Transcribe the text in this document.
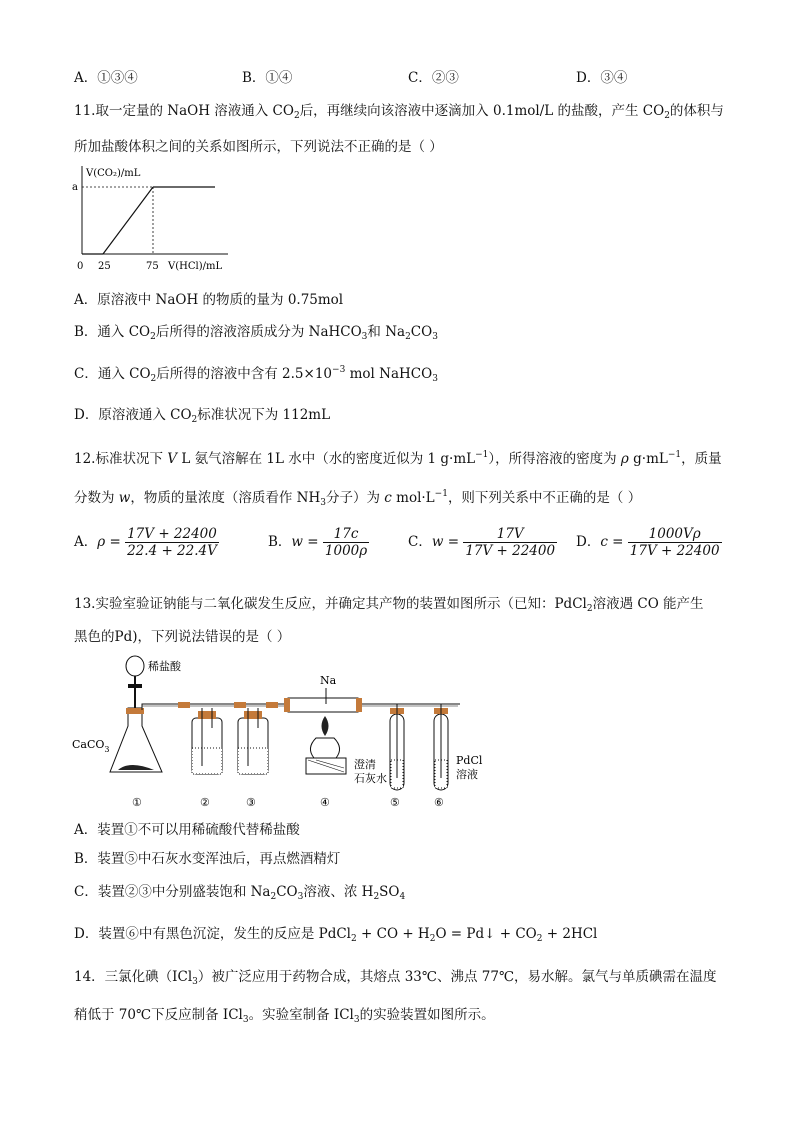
A．①③④	B．①④	C．②③	D．③④
11.取一定量的 NaOH 溶液通入 $CO_2$后，再继续向该溶液中逐滴加入 0.1mol/L 的盐酸，产生 $CO_2$的体积与
所加盐酸体积之间的关系如图所示，下列说法不正确的是（ ）
V(CO₂)/mL
V(HCl)/mL
a
0 25	75
A．原溶液中 NaOH 的物质的量为 0.75mol
B．通入 $CO_2$后所得的溶液溶质成分为 NaHCO$_3$和 $Na_2CO_3$
C．通入 $CO_2$后所得的溶液中含有 $2.5\times 10^{-3}$ mol NaHCO$_3$
D．原溶液通入 $CO_2$标准状况下为 112mL
12.标准状况下 V L 氨气溶解在 1L 水中（水的密度近似为 1 $g\cdot mL^{-1}$），所得溶液的密度为 ρ $g\cdot mL^{-1}$，质量
分数为 w，物质的量浓度（溶质看作 $NH_3$分子）为 c $mol\cdot L^{-1}$，则下列关系中不正确的是（ ）
A．$\rho = \frac{17V + 22400}{22.4 + 22.4V}$	B．$w = \frac{17c}{1000\rho}$	C．$w = \frac{17V}{17V + 22400}$ D．$c = \frac{1000V\rho}{17V + 22400}$
13.实验室验证钠能与二氧化碳发生反应，并确定其产物的装置如图所示（已知：PdCl$_2$溶液遇 CO 能产生
黑色的Pd)，下列说法错误的是（ ）
稀盐酸
CaCO$_3$
Na
澄清
石灰水
PdCl
溶液
①	②	③	④	⑤	⑥
A．装置①不可以用稀硫酸代替稀盐酸
B．装置⑤中石灰水变浑浊后，再点燃酒精灯
C．装置②③中分别盛装饱和 $Na_2CO_3$溶液、浓 $H_2SO_4$
D．装置⑥中有黑色沉淀，发生的反应是 PdCl$_2$ + CO + $H_2O$ = Pd↓ + $CO_2 + 2HCl$
14．三氯化碘（ICl$_3$）被广泛应用于药物合成，其熔点 33℃、沸点 77℃，易水解。氯气与单质碘需在温度
稍低于 70℃下反应制备 ICl$_3$。实验室制备 ICl$_3$的实验装置如图所示。
